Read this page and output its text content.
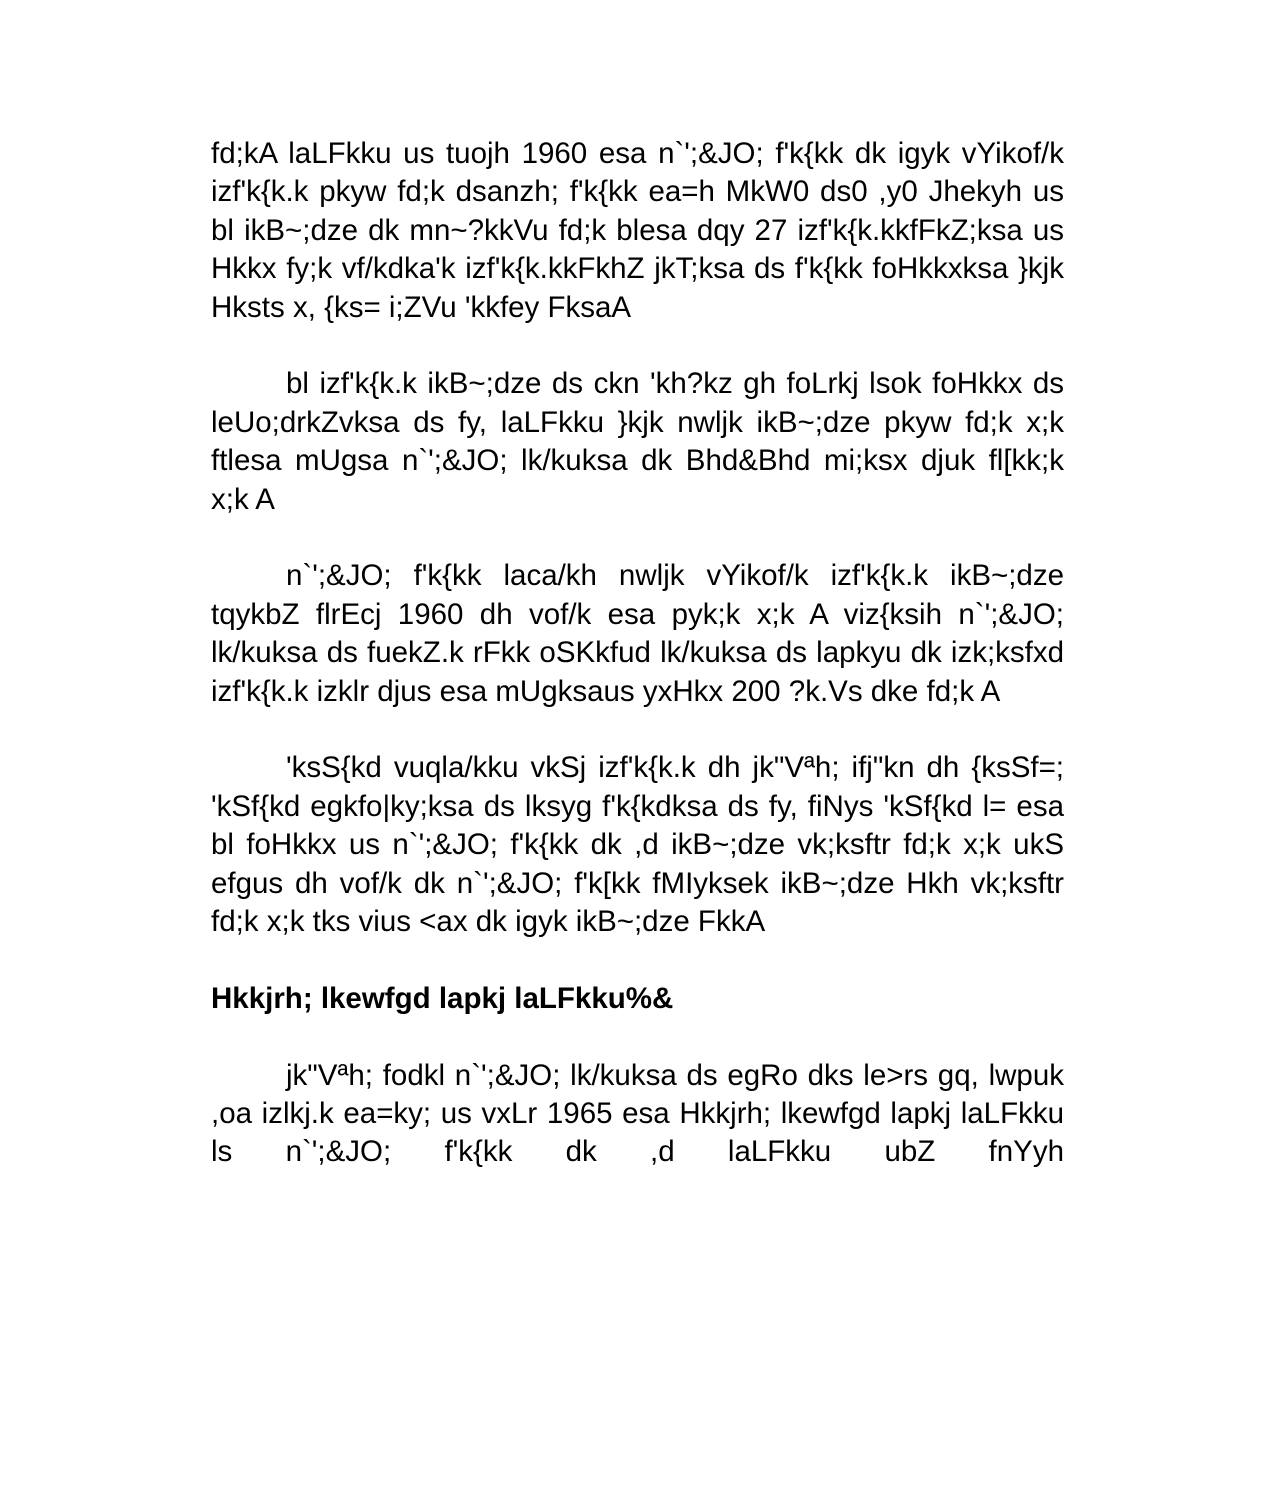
fd;kA laLFkku us tuojh 1960 esa n`';&JO; f'k{kk dk igyk vYikof/k izf'k{k.k pkyw fd;k dsanzh; f'k{kk ea=h MkW0 ds0 ,y0 Jhekyh us bl ikB~;dze dk mn~?kkVu fd;k blesa dqy 27 izf'k{k.kkfFkZ;ksa us Hkkx fy;k vf/kdka'k izf'k{k.kkFkhZ jkT;ksa ds f'k{kk foHkkxksa }kjk Hksts x, {ks= i;ZVu 'kkfey FksaA

bl izf'k{k.k ikB~;dze ds ckn 'kh?kz gh foLrkj lsok foHkkx ds leUo;drkZvksa ds fy, laLFkku }kjk nwljk ikB~;dze pkyw fd;k x;k ftlesa mUgsa n`';&JO; lk/kuksa dk Bhd&Bhd mi;ksx djuk fl[kk;k x;k A

n`';&JO; f'k{kk laca/kh nwljk vYikof/k izf'k{k.k ikB~;dze tqykbZ flrEcj 1960 dh vof/k esa pyk;k x;k A viz{ksih n`';&JO; lk/kuksa ds fuekZ.k rFkk oSKkfud lk/kuksa ds lapkyu dk izk;ksfxd izf'k{k.k izklr djus esa mUgksaus yxHkx 200 ?k.Vs dke fd;k A

'ksS{kd vuqla/kku vkSj izf'k{k.k dh jk"Vªh; ifj"kn dh {ksSf=; 'kSf{kd egkfo|ky;ksa ds lksyg f'k{kdksa ds fy, fiNys 'kSf{kd l= esa bl foHkkx us n`';&JO; f'k{kk dk ,d ikB~;dze vk;ksftr fd;k x;k ukS efgus dh vof/k dk n`';&JO; f'k[kk fMIyksek ikB~;dze Hkh vk;ksftr fd;k x;k tks vius <ax dk igyk ikB~;dze FkkA

Hkkjrh; lkewfgd lapkj laLFkku%&

jk"Vªh; fodkl n`';&JO; lk/kuksa ds egRo dks le>rs gq, lwpuk ,oa izlkj.k ea=ky; us vxLr 1965 esa Hkkjrh; lkewfgd lapkj laLFkku ls n`';&JO; f'k{kk dk ,d laLFkku ubZ fnYyh
